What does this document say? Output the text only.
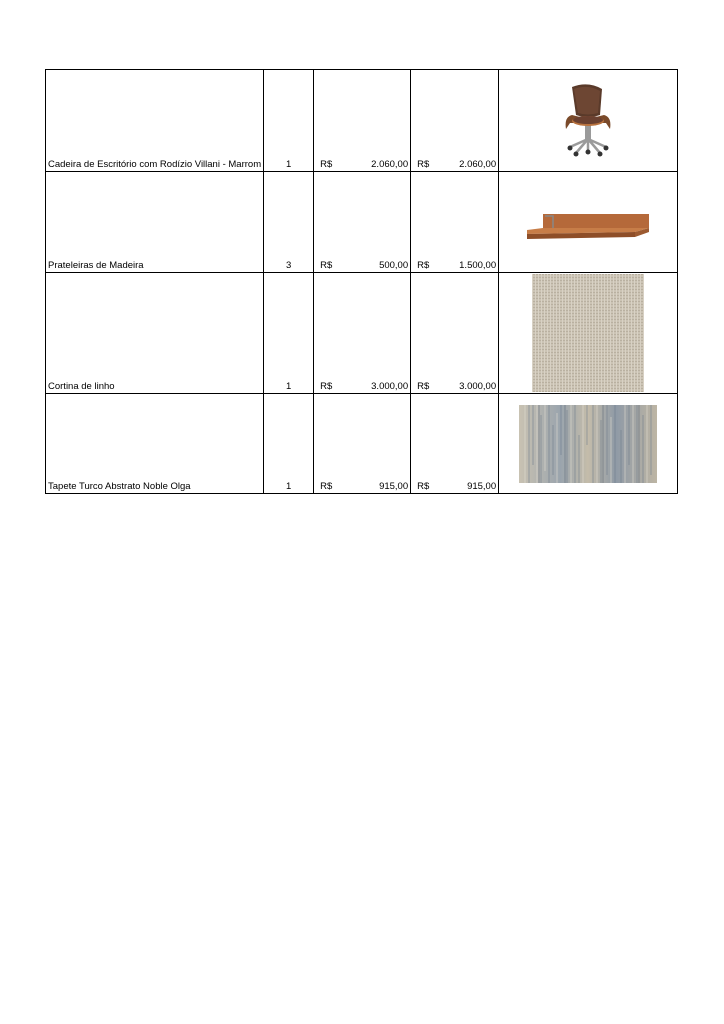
Cadeira de Escritório com Rodízio Villani - Marrom	1	R$ 2.060,00	R$ 2.060,00

Prateleiras de Madeira	3	R$ 500,00	R$ 1.500,00

Cortina de linho	1	R$ 3.000,00	R$ 3.000,00

Tapete Turco Abstrato Noble Olga	1	R$ 915,00	R$ 915,00
